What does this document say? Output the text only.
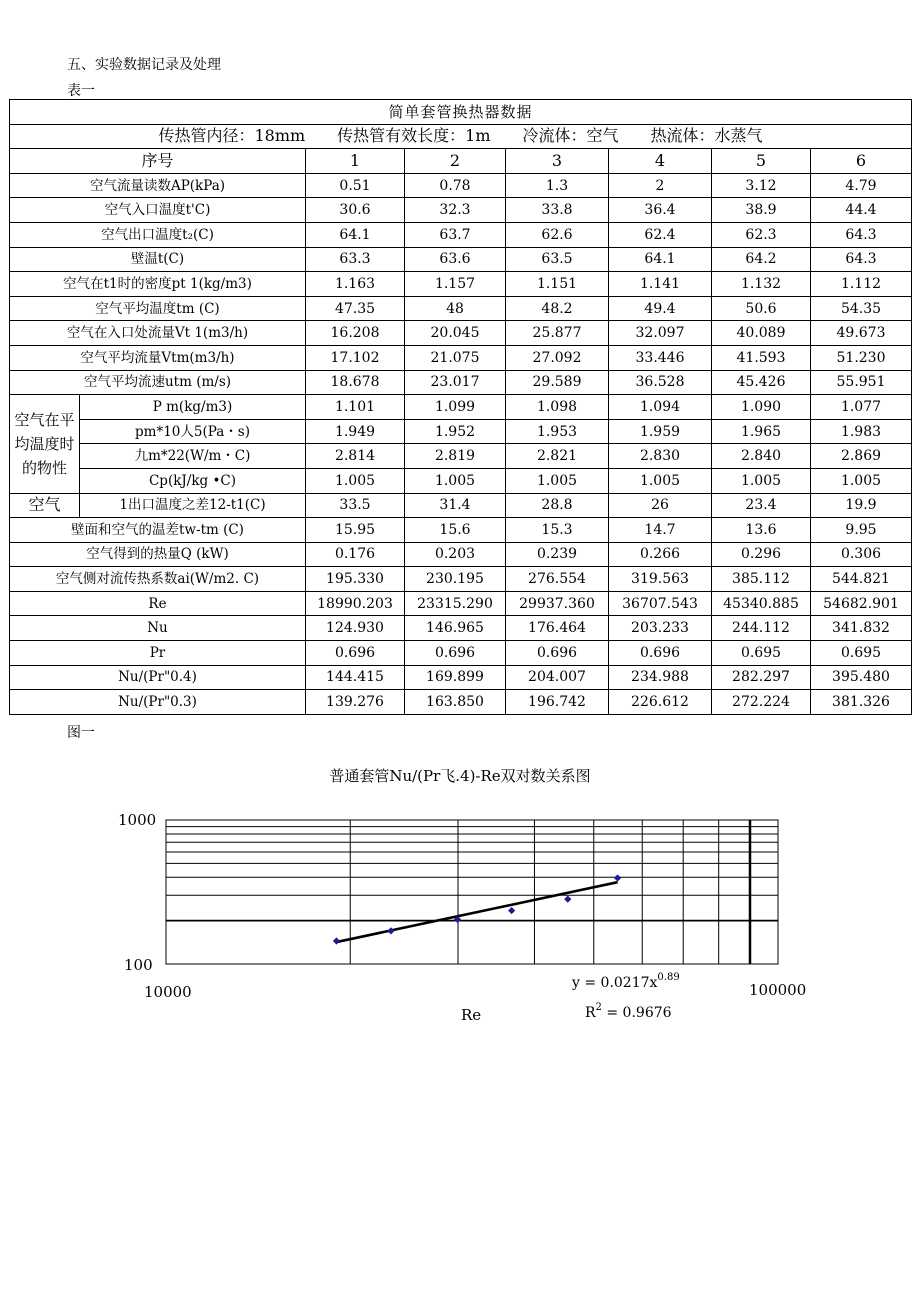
五、实验数据记录及处理
表一
简单套管换热器数据							
传热管内径：18mm　　传热管有效长度：1m　　冷流体：空气　　热流体：水蒸气							
序号		1	2	3	4	5	6
空气流量读数AP(kPa)		0.51	0.78	1.3	2	3.12	4.79
空气入口温度t'C)		30.6	32.3	33.8	36.4	38.9	44.4
空气出口温度t₂(C)		64.1	63.7	62.6	62.4	62.3	64.3
壁温t(C)		63.3	63.6	63.5	64.1	64.2	64.3
空气在t1时的密度pt 1(kg/m3)		1.163	1.157	1.151	1.141	1.132	1.112
空气平均温度tm (C)		47.35	48	48.2	49.4	50.6	54.35
空气在入口处流量Vt 1(m3/h)		16.208	20.045	25.877	32.097	40.089	49.673
空气平均流量Vtm(m3/h)		17.102	21.075	27.092	33.446	41.593	51.230
空气平均流速utm (m/s)		18.678	23.017	29.589	36.528	45.426	55.951
空气在平均温度时的物性	P m(kg/m3)	1.101	1.099	1.098	1.094	1.090	1.077
	pm*10人5(Pa・s)	1.949	1.952	1.953	1.959	1.965	1.983
	九m*22(W/m・C)	2.814	2.819	2.821	2.830	2.840	2.869
	Cp(kJ/kg •C)	1.005	1.005	1.005	1.005	1.005	1.005
空气	1出口温度之差12-t1(C)	33.5	31.4	28.8	26	23.4	19.9
壁面和空气的温差tw-tm (C)		15.95	15.6	15.3	14.7	13.6	9.95
空气得到的热量Q (kW)		0.176	0.203	0.239	0.266	0.296	0.306
空气侧对流传热系数ai(W/m2. C)		195.330	230.195	276.554	319.563	385.112	544.821
Re		18990.203	23315.290	29937.360	36707.543	45340.885	54682.901
Nu		124.930	146.965	176.464	203.233	244.112	341.832
Pr		0.696	0.696	0.696	0.696	0.695	0.695
Nu/(Pr"0.4)		144.415	169.899	204.007	234.988	282.297	395.480
Nu/(Pr"0.3)		139.276	163.850	196.742	226.612	272.224	381.326
图一
普通套管Nu/(Pr飞.4)-Re双对数关系图
1000
100
10000	100000
Re
$y = 0.0217x^{0.89}$
$R^2 = 0.9676$
